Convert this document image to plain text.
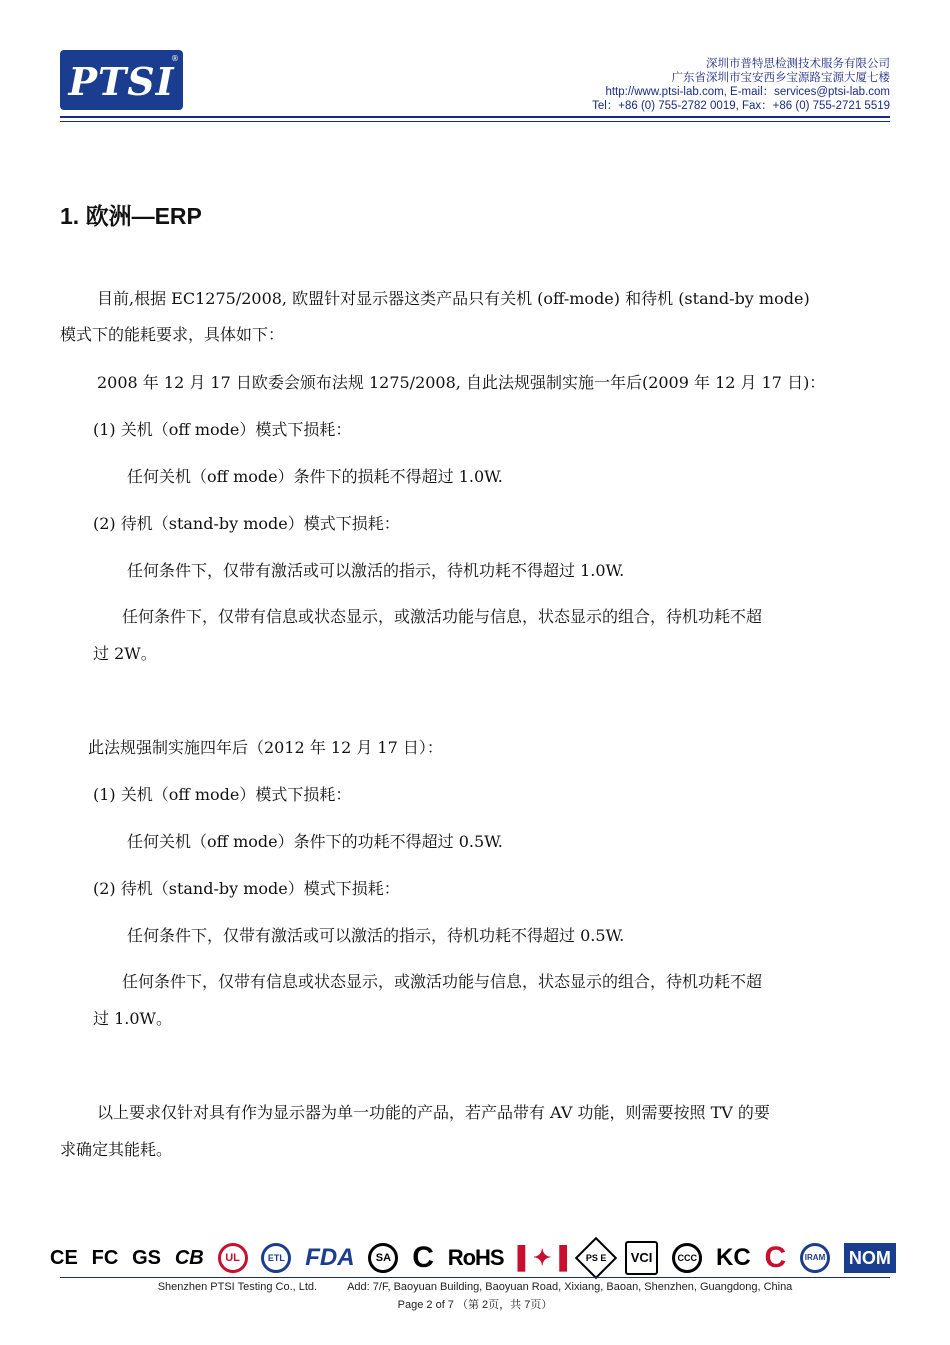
PTSI
®	深圳市普特思检测技术服务有限公司
广东省深圳市宝安西乡宝源路宝源大厦七楼
http://www.ptsi-lab.com, E-mail：services@ptsi-lab.com
Tel：+86 (0) 755-2782 0019, Fax：+86 (0) 755-2721 5519
1. 欧洲—ERP
目前,根据 EC1275/2008, 欧盟针对显示器这类产品只有关机 (off-mode) 和待机 (stand-by mode)
模式下的能耗要求，具体如下：
2008 年 12 月 17 日欧委会颁布法规 1275/2008, 自此法规强制实施一年后(2009 年 12 月 17 日)：
(1) 关机（off mode）模式下损耗：
任何关机（off mode）条件下的损耗不得超过 1.0W.
(2) 待机（stand-by mode）模式下损耗：
任何条件下，仅带有激活或可以激活的指示，待机功耗不得超过 1.0W.
任何条件下，仅带有信息或状态显示，或激活功能与信息，状态显示的组合，待机功耗不超
过 2W。
此法规强制实施四年后（2012 年 12 月 17 日）：
(1) 关机（off mode）模式下损耗：
任何关机（off mode）条件下的功耗不得超过 0.5W.
(2) 待机（stand-by mode）模式下损耗：
任何条件下，仅带有激活或可以激活的指示，待机功耗不得超过 0.5W.
任何条件下，仅带有信息或状态显示，或激活功能与信息，状态显示的组合，待机功耗不超
过 1.0W。
以上要求仅针对具有作为显示器为单一功能的产品，若产品带有 AV 功能，则需要按照 TV 的要
求确定其能耗。
CE FC GS CB	UL	ETL FDA	SA C RoHS ▌✦▐ PS E	VCI	CCC KC C	IRAM NOM
Shenzhen PTSI Testing Co., Ltd.	Add: 7/F, Baoyuan Building, Baoyuan Road, Xixiang, Baoan, Shenzhen, Guangdong, China
Page 2 of 7 （第 2页，共 7页）
